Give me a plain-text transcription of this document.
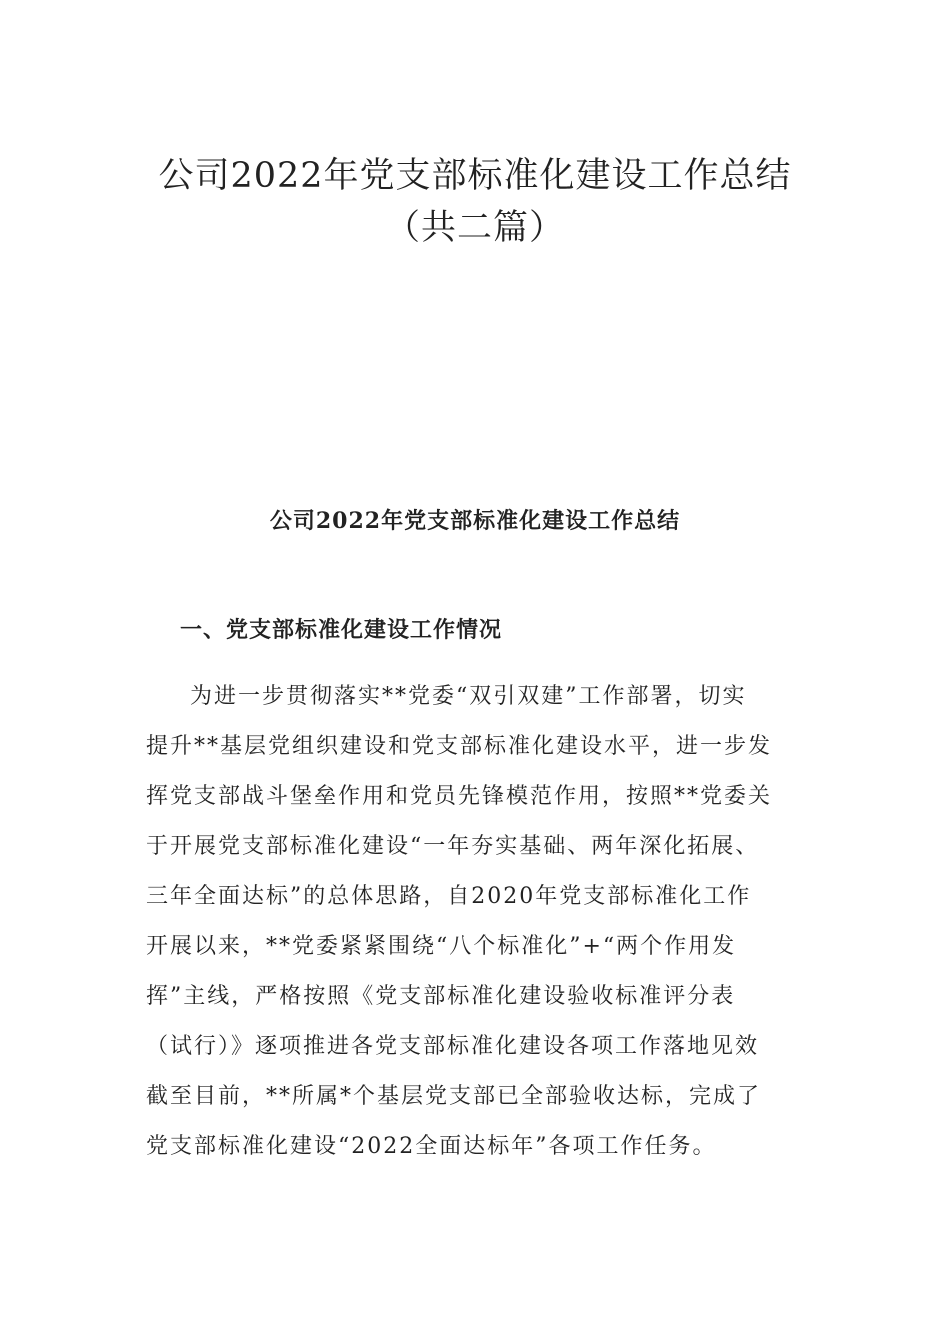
公司2022年党支部标准化建设工作总结
（共二篇）
公司2022年党支部标准化建设工作总结
一、党支部标准化建设工作情况
为进一步贯彻落实**党委“双引双建”工作部署，切实
提升**基层党组织建设和党支部标准化建设水平，进一步发
挥党支部战斗堡垒作用和党员先锋模范作用，按照**党委关
于开展党支部标准化建设“一年夯实基础、两年深化拓展、
三年全面达标”的总体思路，自2020年党支部标准化工作
开展以来，**党委紧紧围绕“八个标准化”+“两个作用发
挥”主线，严格按照《党支部标准化建设验收标准评分表
（试行）》逐项推进各党支部标准化建设各项工作落地见效
截至目前，**所属*个基层党支部已全部验收达标，完成了
党支部标准化建设“2022全面达标年”各项工作任务。
